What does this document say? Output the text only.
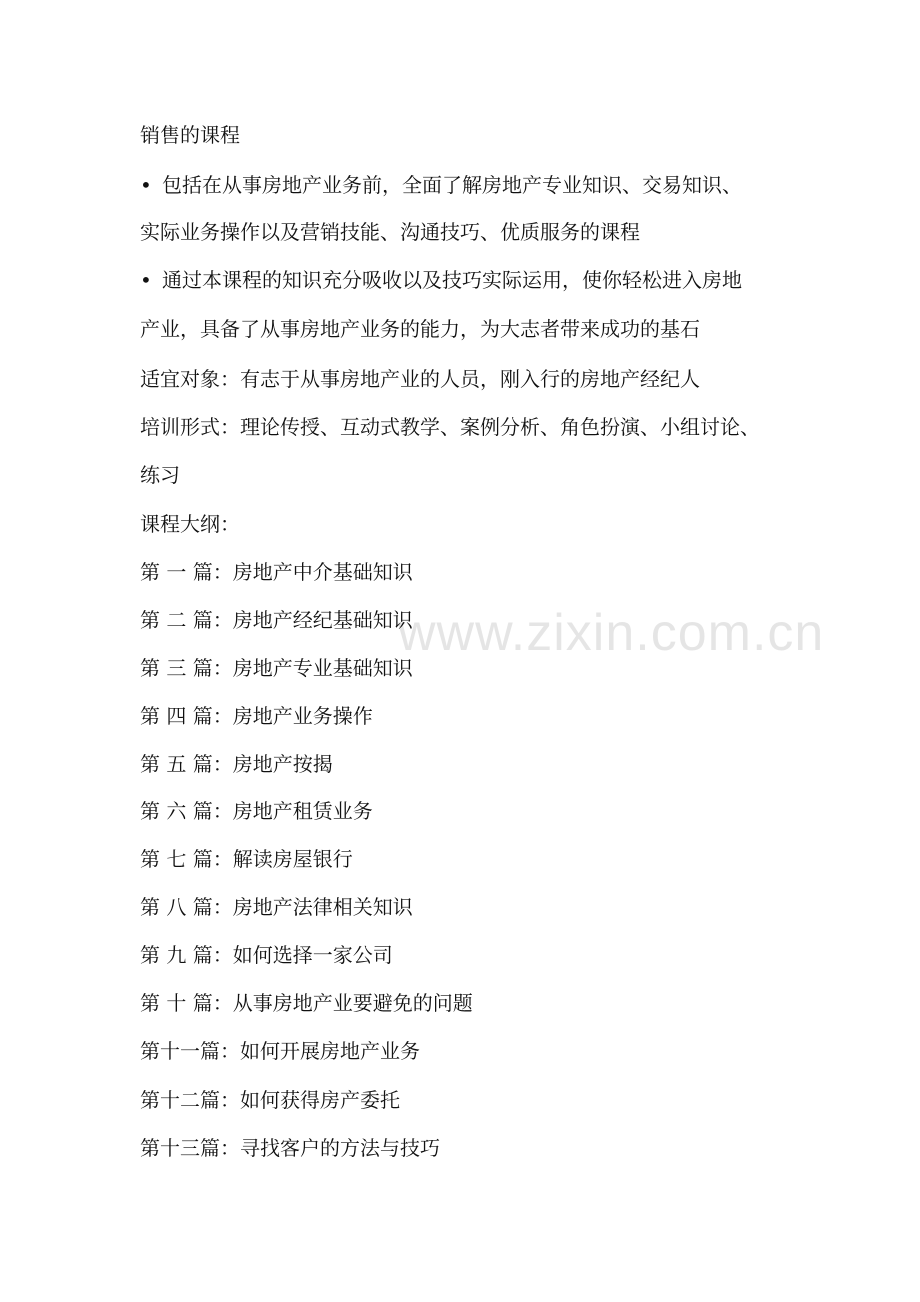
销售的课程
• 包括在从事房地产业务前，全面了解房地产专业知识、交易知识、
实际业务操作以及营销技能、沟通技巧、优质服务的课程
• 通过本课程的知识充分吸收以及技巧实际运用，使你轻松进入房地
产业，具备了从事房地产业务的能力，为大志者带来成功的基石
适宜对象：有志于从事房地产业的人员，刚入行的房地产经纪人
培训形式：理论传授、互动式教学、案例分析、角色扮演、小组讨论、
练习
课程大纲：
第 一 篇：房地产中介基础知识
第 二 篇：房地产经纪基础知识
第 三 篇：房地产专业基础知识
第 四 篇：房地产业务操作
第 五 篇：房地产按揭
第 六 篇：房地产租赁业务
第 七 篇：解读房屋银行
第 八 篇：房地产法律相关知识
第 九 篇：如何选择一家公司
第 十 篇：从事房地产业要避免的问题
第十一篇：如何开展房地产业务
第十二篇：如何获得房产委托
第十三篇：寻找客户的方法与技巧
www.zixin.com.cn
